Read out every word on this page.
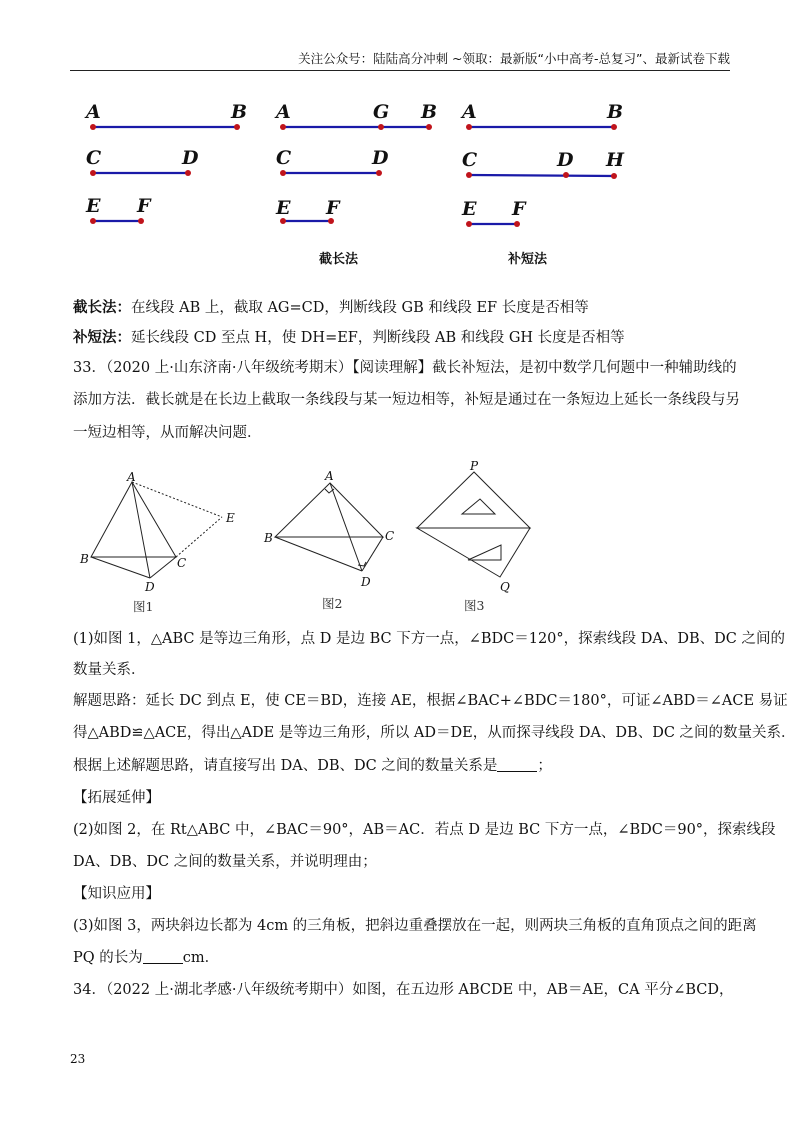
关注公众号：陆陆高分冲刺 ~领取：最新版“小中高考-总复习”、最新试卷下载
A	B
C	D
E F
A	G B
C	D
E F
A	B
C	D H
E F
截长法	补短法
截长法：在线段 AB 上，截取 AG=CD，判断线段 GB 和线段 EF 长度是否相等
补短法：延长线段 CD 至点 H，使 DH=EF，判断线段 AB 和线段 GH 长度是否相等
33．（2020 上·山东济南·八年级统考期末）【阅读理解】截长补短法，是初中数学几何题中一种辅助线的
添加方法．截长就是在长边上截取一条线段与某一短边相等，补短是通过在一条短边上延长一条线段与另
一短边相等，从而解决问题．
A
B	C
D
E
A
B	C
D
P
Q
图1	图2	图3
(1)如图 1，△ABC 是等边三角形，点 D 是边 BC 下方一点，∠BDC＝120°，探索线段 DA、DB、DC 之间的
数量关系．
解题思路：延长 DC 到点 E，使 CE＝BD，连接 AE，根据∠BAC+∠BDC＝180°，可证∠ABD＝∠ACE 易证
得△ABD≌△ACE，得出△ADE 是等边三角形，所以 AD＝DE，从而探寻线段 DA、DB、DC 之间的数量关系．
根据上述解题思路，请直接写出 DA、DB、DC 之间的数量关系是	；
【拓展延伸】
(2)如图 2，在 Rt△ABC 中，∠BAC＝90°，AB＝AC．若点 D 是边 BC 下方一点，∠BDC＝90°，探索线段
DA、DB、DC 之间的数量关系，并说明理由；
【知识应用】
(3)如图 3，两块斜边长都为 4cm 的三角板，把斜边重叠摆放在一起，则两块三角板的直角顶点之间的距离
PQ 的长为	cm．
34．（2022 上·湖北孝感·八年级统考期中）如图，在五边形 ABCDE 中，AB＝AE，CA 平分∠BCD，
23
